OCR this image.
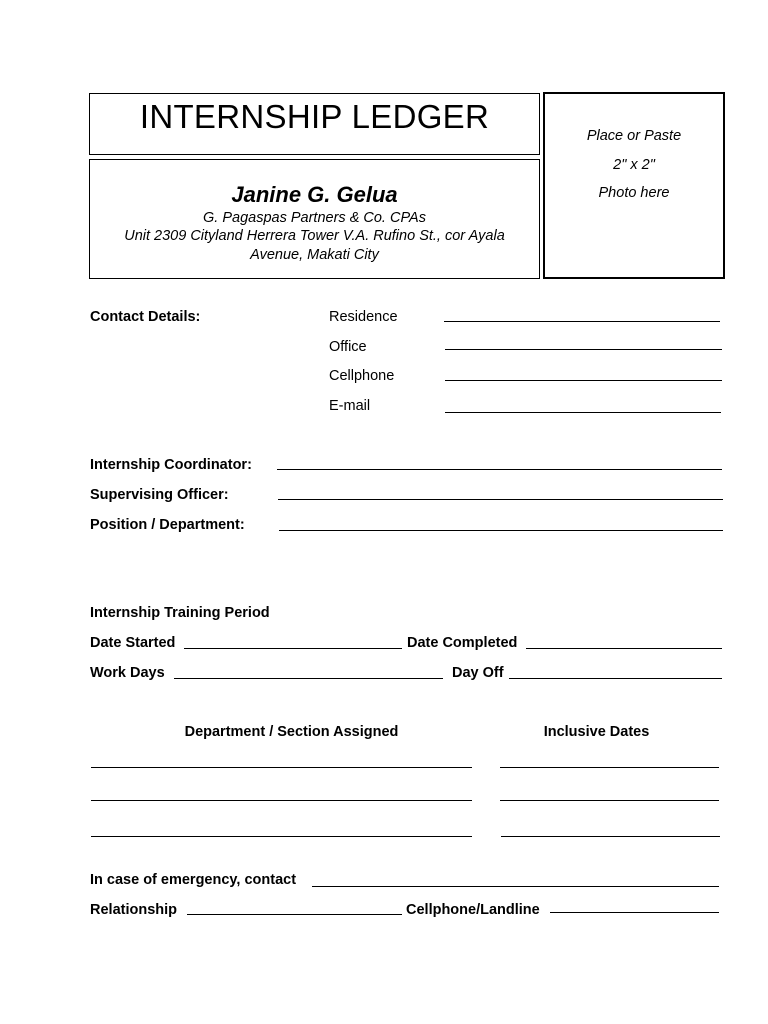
INTERNSHIP LEDGER
Janine G. Gelua
G. Pagaspas Partners & Co. CPAs
Unit 2309 Cityland Herrera Tower V.A. Rufino St., cor Ayala
Avenue, Makati City
Place or Paste
2" x 2"
Photo here
Contact Details:	Residence
Office
Cellphone
E-mail
Internship Coordinator:
Supervising Officer:
Position / Department:
Internship Training Period
Date Started	Date Completed
Work Days	Day Off
Department / Section Assigned	Inclusive Dates
In case of emergency, contact
Relationship	Cellphone/Landline
